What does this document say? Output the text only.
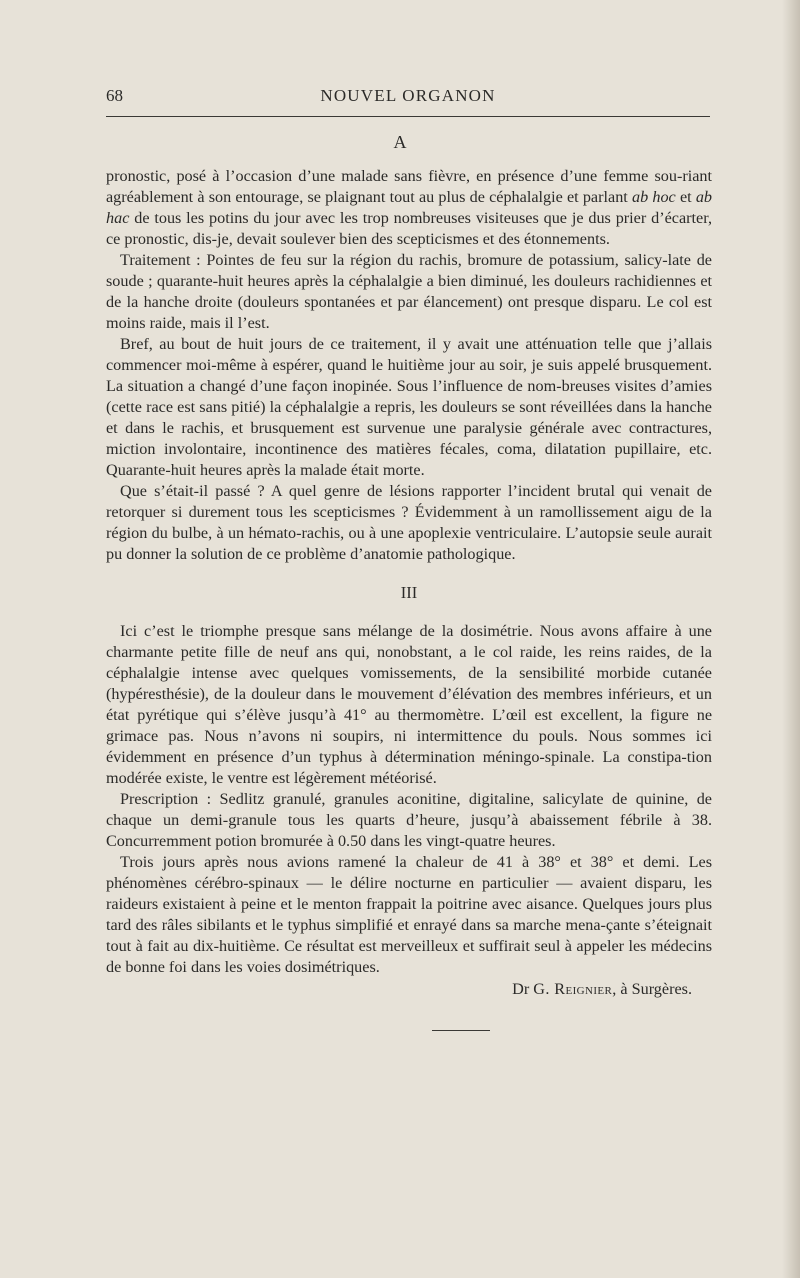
68	NOUVEL ORGANON
A

pronostic, posé à l’occasion d’une malade sans fièvre, en présence d’une femme sou-riant agréablement à son entourage, se plaignant tout au plus de céphalalgie et parlant ab hoc et ab hac de tous les potins du jour avec les trop nombreuses visiteuses que je dus prier d’écarter, ce pronostic, dis-je, devait soulever bien des scepticismes et des étonnements.

Traitement : Pointes de feu sur la région du rachis, bromure de potassium, salicy-late de soude ; quarante-huit heures après la céphalalgie a bien diminué, les douleurs rachidiennes et de la hanche droite (douleurs spontanées et par élancement) ont presque disparu. Le col est moins raide, mais il l’est.

Bref, au bout de huit jours de ce traitement, il y avait une atténuation telle que j’allais commencer moi-même à espérer, quand le huitième jour au soir, je suis appelé brusquement. La situation a changé d’une façon inopinée. Sous l’influence de nom-breuses visites d’amies (cette race est sans pitié) la céphalalgie a repris, les douleurs se sont réveillées dans la hanche et dans le rachis, et brusquement est survenue une paralysie générale avec contractures, miction involontaire, incontinence des matières fécales, coma, dilatation pupillaire, etc. Quarante-huit heures après la malade était morte.

Que s’était-il passé ? A quel genre de lésions rapporter l’incident brutal qui venait de retorquer si durement tous les scepticismes ? Évidemment à un ramollissement aigu de la région du bulbe, à un hémato-rachis, ou à une apoplexie ventriculaire. L’autopsie seule aurait pu donner la solution de ce problème d’anatomie pathologique.

III

Ici c’est le triomphe presque sans mélange de la dosimétrie. Nous avons affaire à une charmante petite fille de neuf ans qui, nonobstant, a le col raide, les reins raides, de la céphalalgie intense avec quelques vomissements, de la sensibilité morbide cutanée (hypéresthésie), de la douleur dans le mouvement d’élévation des membres inférieurs, et un état pyrétique qui s’élève jusqu’à 41° au thermomètre. L’œil est excellent, la figure ne grimace pas. Nous n’avons ni soupirs, ni intermittence du pouls. Nous sommes ici évidemment en présence d’un typhus à détermination méningo-spinale. La constipa-tion modérée existe, le ventre est légèrement météorisé.

Prescription : Sedlitz granulé, granules aconitine, digitaline, salicylate de quinine, de chaque un demi-granule tous les quarts d’heure, jusqu’à abaissement fébrile à 38. Concurremment potion bromurée à 0.50 dans les vingt-quatre heures.

Trois jours après nous avions ramené la chaleur de 41 à 38° et 38° et demi. Les phénomènes cérébro-spinaux — le délire nocturne en particulier — avaient disparu, les raideurs existaient à peine et le menton frappait la poitrine avec aisance. Quelques jours plus tard des râles sibilants et le typhus simplifié et enrayé dans sa marche mena-çante s’éteignait tout à fait au dix-huitième. Ce résultat est merveilleux et suffirait seul à appeler les médecins de bonne foi dans les voies dosimétriques.

Dr G. Reignier, à Surgères.
